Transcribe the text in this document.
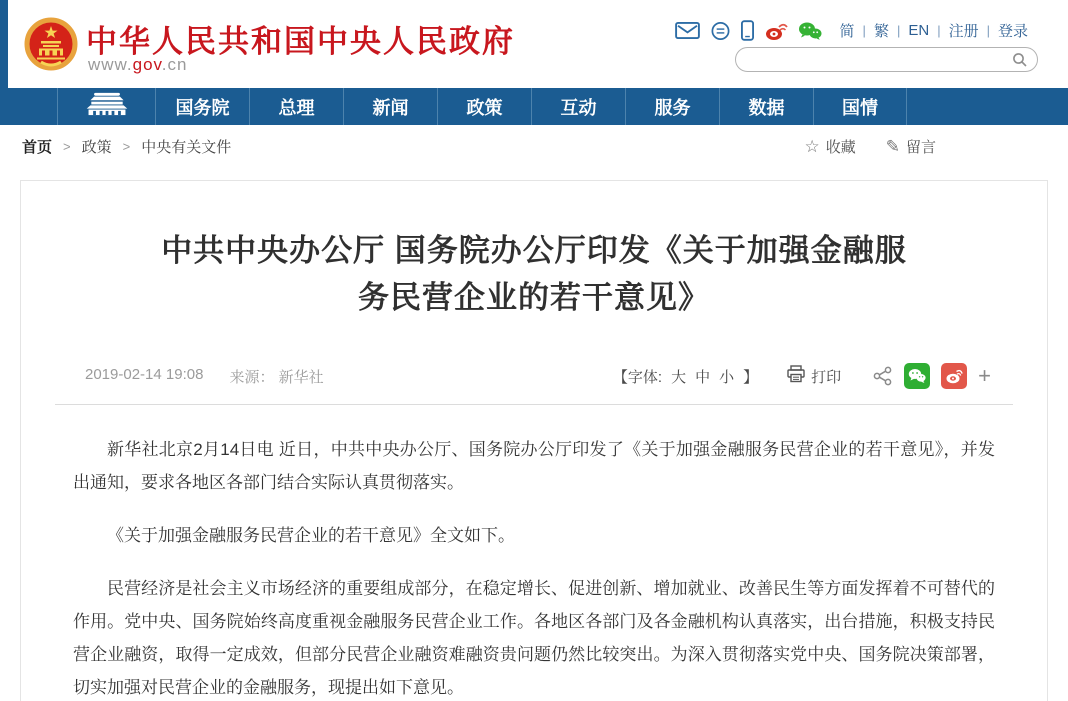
中华人民共和国中央人民政府
www.gov.cn
简 | 繁 | EN | 注册 | 登录
国务院	总理	新闻	政策	互动	服务	数据	国情
首页 > 政策 > 中央有关文件	☆ 收藏 ✎ 留言
中共中央办公厅 国务院办公厅印发《关于加强金融服
务民营企业的若干意见》
2019-02-14 19:08 来源： 新华社	【字体: 大 中 小 】	打印	+

新华社北京2月14日电 近日，中共中央办公厅、国务院办公厅印发了《关于加强金融服务民营企业的若干意见》，并发出通知，要求各地区各部门结合实际认真贯彻落实。

《关于加强金融服务民营企业的若干意见》全文如下。

民营经济是社会主义市场经济的重要组成部分，在稳定增长、促进创新、增加就业、改善民生等方面发挥着不可替代的作用。党中央、国务院始终高度重视金融服务民营企业工作。各地区各部门及各金融机构认真落实，出台措施，积极支持民营企业融资，取得一定成效，但部分民营企业融资难融资贵问题仍然比较突出。为深入贯彻落实党中央、国务院决策部署，切实加强对民营企业的金融服务，现提出如下意见。
